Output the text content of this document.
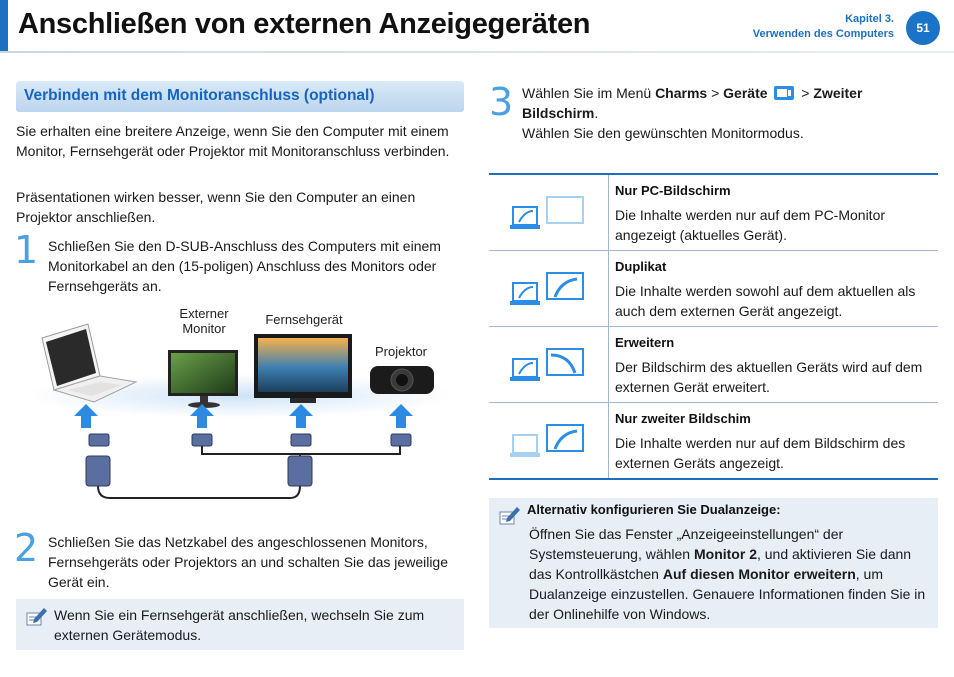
Anschließen von externen Anzeigegeräten	Kapitel 3.
Verwenden des Computers	51
Verbinden mit dem Monitoranschluss (optional)
Sie erhalten eine breitere Anzeige, wenn Sie den Computer mit einem Monitor, Fernsehgerät oder Projektor mit Monitoranschluss verbinden.
Präsentationen wirken besser, wenn Sie den Computer an einen Projektor anschließen.
1 Schließen Sie den D-SUB-Anschluss des Computers mit einem Monitorkabel an den (15-poligen) Anschluss des Monitors oder Fernsehgeräts an.
Externer Monitor
Fernsehgerät
Projektor
2 Schließen Sie das Netzkabel des angeschlossenen Monitors, Fernsehgeräts oder Projektors an und schalten Sie das jeweilige Gerät ein.
Wenn Sie ein Fernsehgerät anschließen, wechseln Sie zum externen Gerätemodus.
3 Wählen Sie im Menü Charms > Geräte  > Zweiter Bildschirm.
Wählen Sie den gewünschten Monitormodus.
Nur PC-Bildschirm
Die Inhalte werden nur auf dem PC-Monitor angezeigt (aktuelles Gerät).
Duplikat
Die Inhalte werden sowohl auf dem aktuellen als auch dem externen Gerät angezeigt.
Erweitern
Der Bildschirm des aktuellen Geräts wird auf dem externen Gerät erweitert.
Nur zweiter Bildschim
Die Inhalte werden nur auf dem Bildschirm des externen Geräts angezeigt.
Alternativ konfigurieren Sie Dualanzeige:
Öffnen Sie das Fenster „Anzeigeeinstellungen“ der Systemsteuerung, wählen Monitor 2, und aktivieren Sie dann das Kontrollkästchen Auf diesen Monitor erweitern, um Dualanzeige einzustellen. Genauere Informationen finden Sie in der Onlinehilfe von Windows.
